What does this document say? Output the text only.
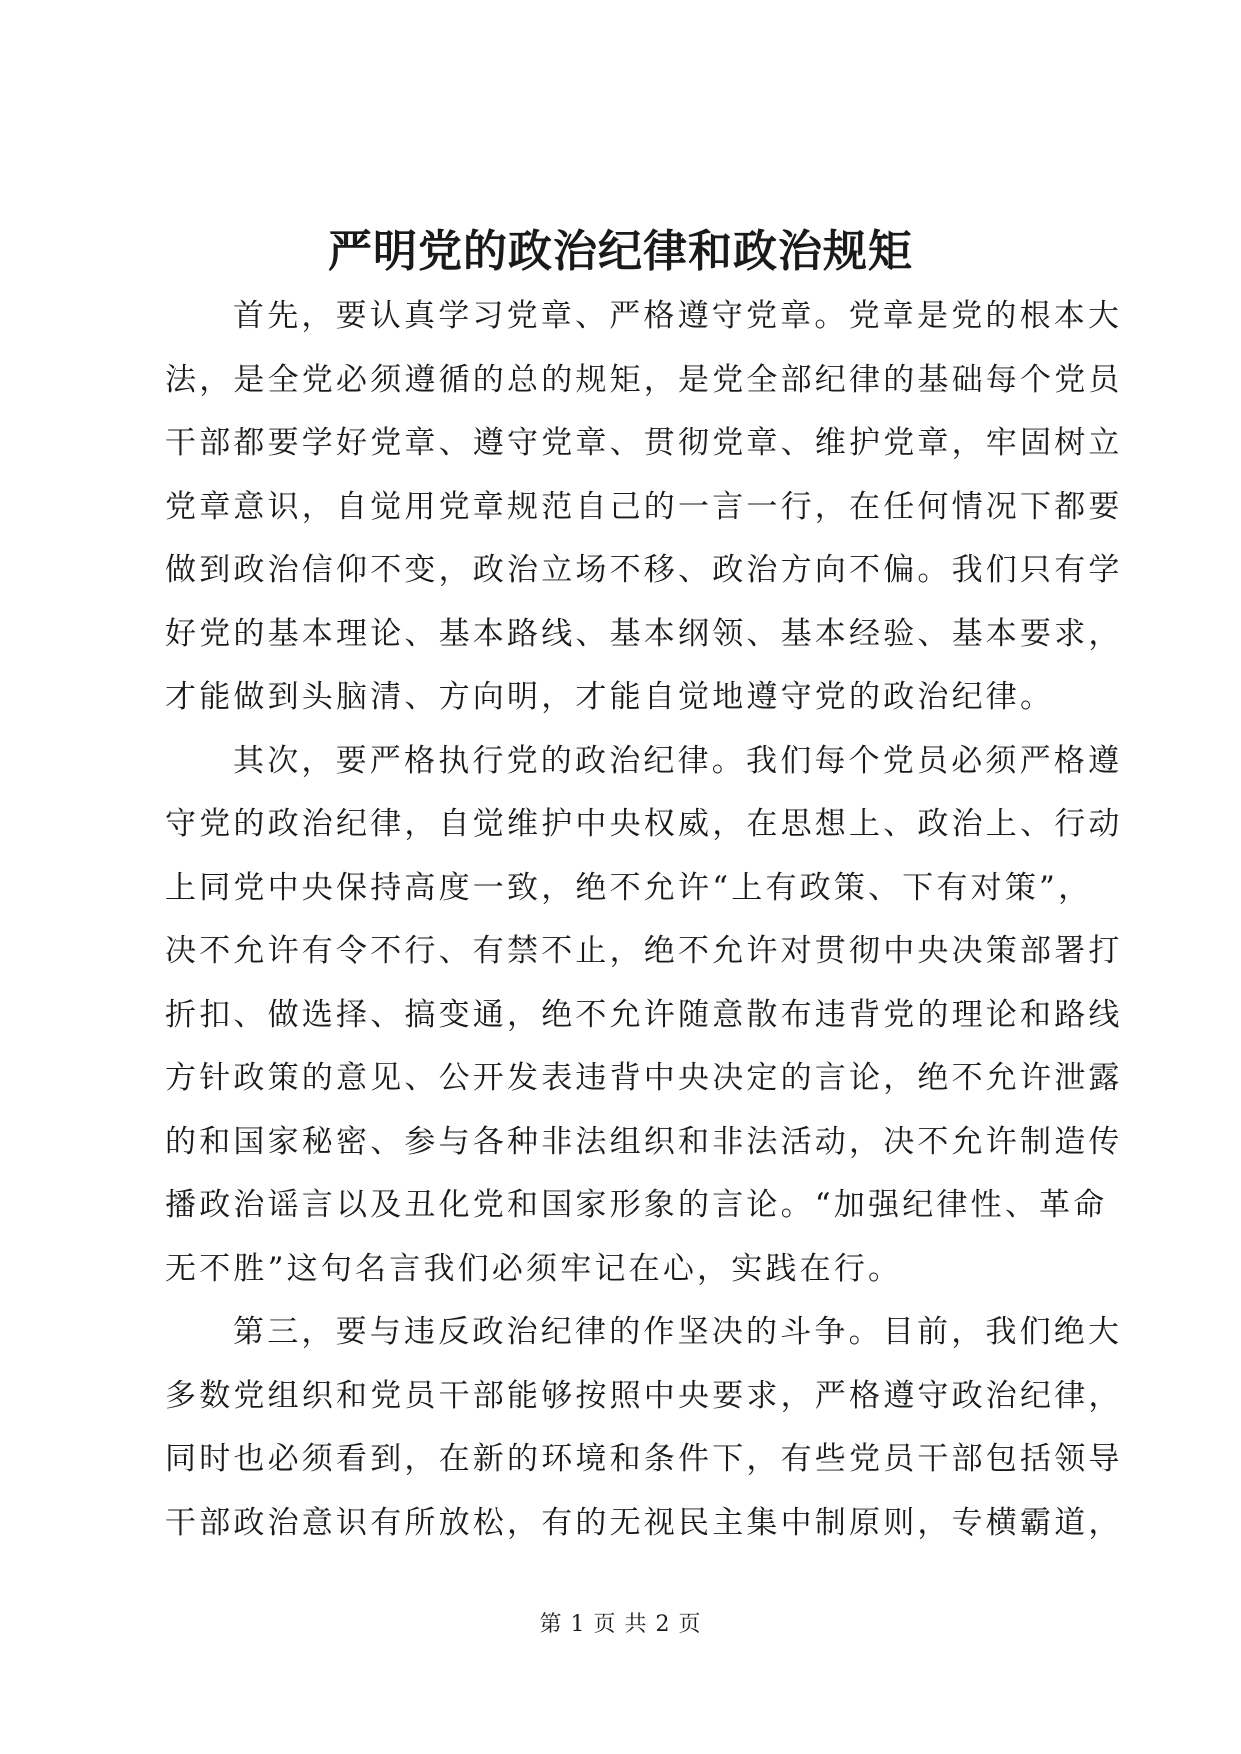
严明党的政治纪律和政治规矩

首先，要认真学习党章、严格遵守党章。党章是党的根本大

法，是全党必须遵循的总的规矩，是党全部纪律的基础每个党员

干部都要学好党章、遵守党章、贯彻党章、维护党章，牢固树立

党章意识，自觉用党章规范自己的一言一行，在任何情况下都要

做到政治信仰不变，政治立场不移、政治方向不偏。我们只有学

好党的基本理论、基本路线、基本纲领、基本经验、基本要求，

才能做到头脑清、方向明，才能自觉地遵守党的政治纪律。

其次，要严格执行党的政治纪律。我们每个党员必须严格遵

守党的政治纪律，自觉维护中央权威，在思想上、政治上、行动

上同党中央保持高度一致，绝不允许“上有政策、下有对策”，

决不允许有令不行、有禁不止，绝不允许对贯彻中央决策部署打

折扣、做选择、搞变通，绝不允许随意散布违背党的理论和路线

方针政策的意见、公开发表违背中央决定的言论，绝不允许泄露

的和国家秘密、参与各种非法组织和非法活动，决不允许制造传

播政治谣言以及丑化党和国家形象的言论。“加强纪律性、革命

无不胜”这句名言我们必须牢记在心，实践在行。

第三，要与违反政治纪律的作坚决的斗争。目前，我们绝大

多数党组织和党员干部能够按照中央要求，严格遵守政治纪律，

同时也必须看到，在新的环境和条件下，有些党员干部包括领导

干部政治意识有所放松，有的无视民主集中制原则，专横霸道，

第 1 页 共 2 页
